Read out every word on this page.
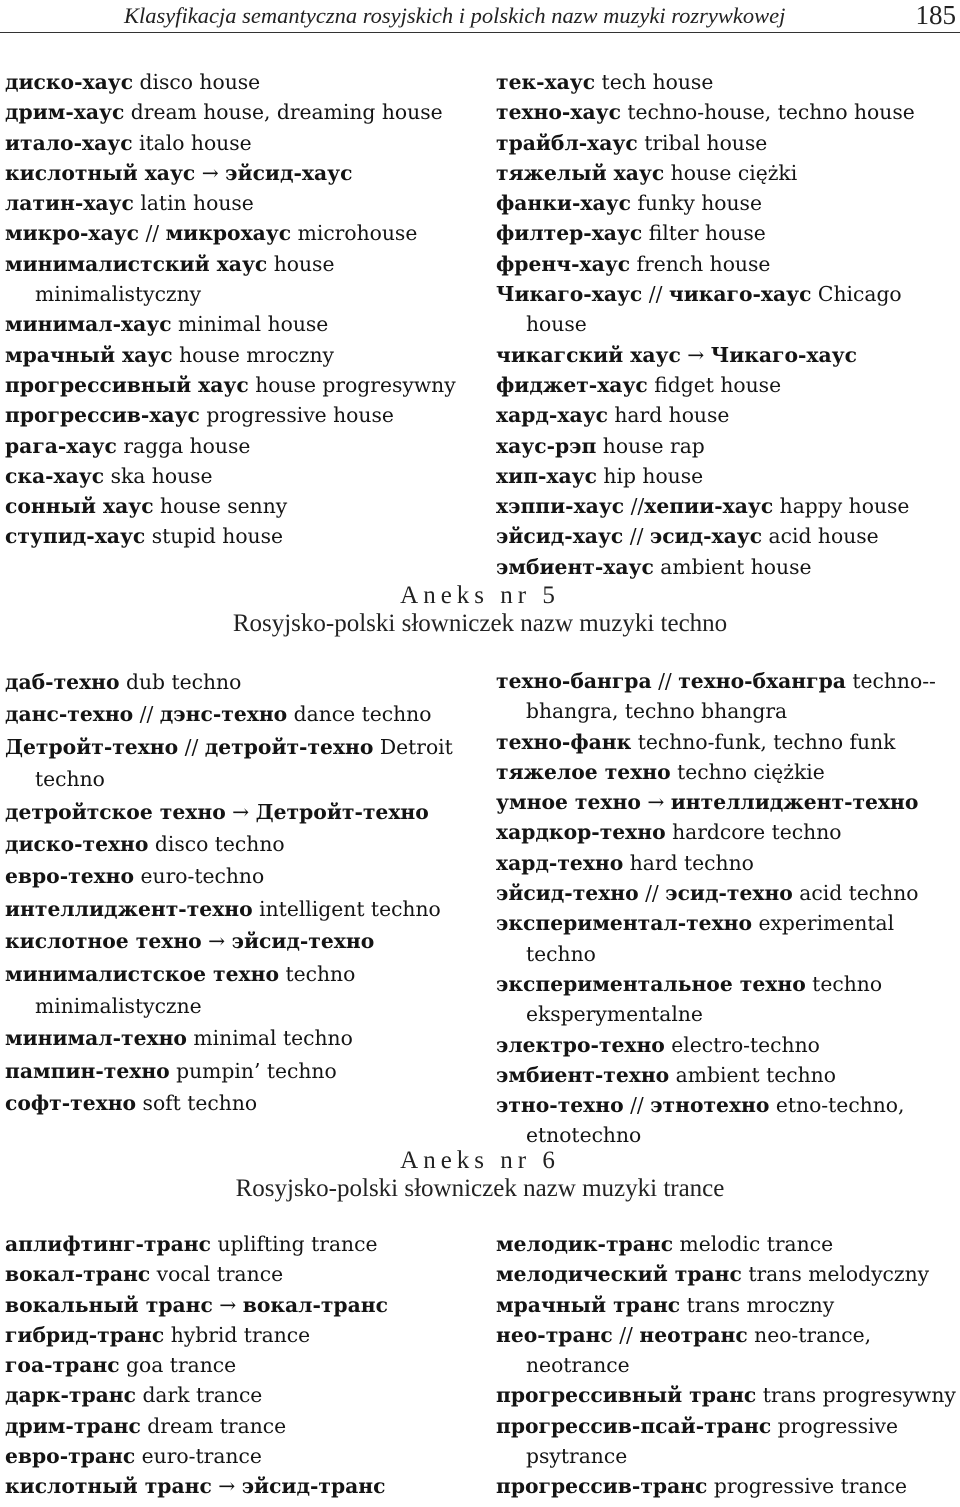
Klasyfikacja semantyczna rosyjskich i polskich nazw muzyki rozrywkowej	185

диско-хаус disco house

дрим-хаус dream house, dreaming house

итало-хаус italo house

кислотный хаус → эйсид-хаус

латин-хаус latin house

микро-хаус // микрохаус microhouse

минималистский хаус house minimalistyczny

минимал-хаус minimal house

мрачный хаус house mroczny

прогрессивный хаус house progresywny

прогрессив-хаус progressive house

рага-хаус ragga house

ска-хаус ska house

сонный хаус house senny

ступид-хаус stupid house

тек-хаус tech house

техно-хаус techno-house, techno house

трайбл-хаус tribal house

тяжелый хаус house ciężki

фанки-хаус funky house

филтер-хаус filter house

френч-хаус french house

Чикаго-хаус // чикаго-хаус Chicago house

чикагский хаус → Чикаго-хаус

фиджет-хаус fidget house

хард-хаус hard house

хаус-рэп house rap

хип-хаус hip house

хэппи-хаус //хепии-хаус happy house

эйсид-хаус // эсид-хаус acid house

эмбиент-хаус ambient house

Aneks nr 5
Rosyjsko-polski słowniczek nazw muzyki techno

даб-техно dub techno

данс-техно // дэнс-техно dance techno

Детройт-техно // детройт-техно Detroit techno

детройтское техно → Детройт-техно

диско-техно disco techno

евро-техно euro-techno

интеллиджент-техно intelligent techno

кислотное техно → эйсид-техно

минималистское техно techno minimalistyczne

минимал-техно minimal techno

пампин-техно pumpin’ techno

софт-техно soft techno

техно-бангра // техно-бхангра techno--bhangra, techno bhangra

техно-фанк techno-funk, techno funk

тяжелое техно techno ciężkie

умное техно → интеллиджент-техно

хардкор-техно hardcore techno

хард-техно hard techno

эйсид-техно // эсид-техно acid techno

экспериментал-техно experimental techno

экспериментальное техно techno eksperymentalne

электро-техно electro-techno

эмбиент-техно ambient techno

этно-техно // этнотехно etno-techno, etnotechno

Aneks nr 6
Rosyjsko-polski słowniczek nazw muzyki trance

аплифтинг-транс uplifting trance

вокал-транс vocal trance

вокальный транс → вокал-транс

гибрид-транс hybrid trance

гоа-транс goa trance

дарк-транс dark trance

дрим-транс dream trance

евро-транс euro-trance

кислотный транс → эйсид-транс

мелодик-транс melodic trance

мелодический транс trans melodyczny

мрачный транс trans mroczny

нео-транс // неотранс neo-trance, neotrance

прогрессивный транс trans progresywny

прогрессив-псай-транс progressive psytrance

прогрессив-транс progressive trance
